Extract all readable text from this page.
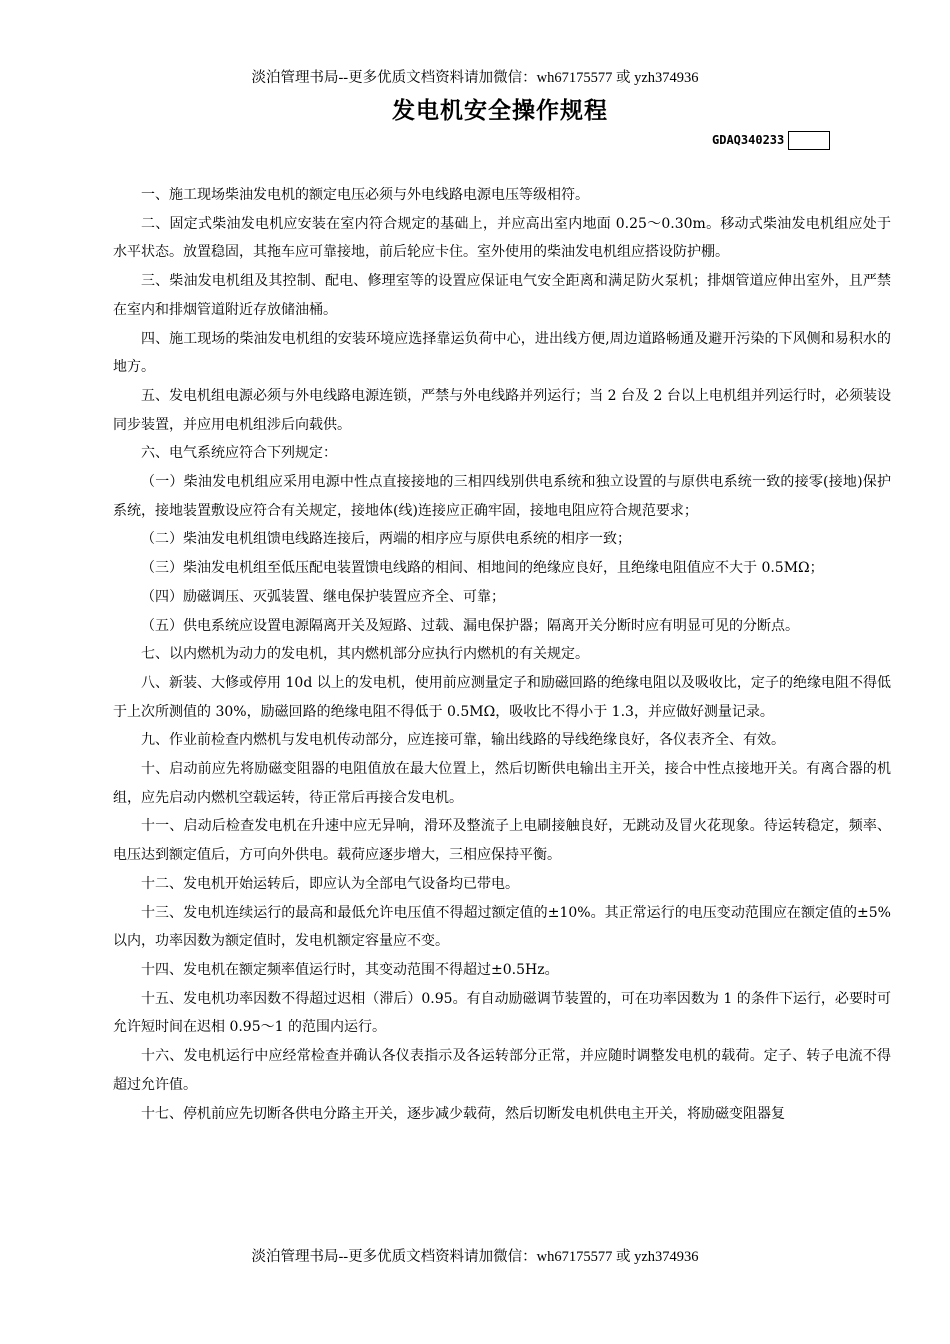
淡泊管理书局--更多优质文档资料请加微信：wh67175577 或 yzh374936
发电机安全操作规程
GDAQ340233

一、施工现场柴油发电机的额定电压必须与外电线路电源电压等级相符。

二、固定式柴油发电机应安装在室内符合规定的基础上，并应高出室内地面 0.25～0.30m。移动式柴油发电机组应处于水平状态。放置稳固，其拖车应可靠接地，前后轮应卡住。室外使用的柴油发电机组应搭设防护棚。

三、柴油发电机组及其控制、配电、修理室等的设置应保证电气安全距离和满足防火泵机；排烟管道应伸出室外，且严禁在室内和排烟管道附近存放储油桶。

四、施工现场的柴油发电机组的安装环境应选择靠运负荷中心，进出线方便,周边道路畅通及避开污染的下风侧和易积水的地方。

五、发电机组电源必须与外电线路电源连锁，严禁与外电线路并列运行；当 2 台及 2 台以上电机组并列运行时，必须装设同步装置，并应用电机组涉后向载供。

六、电气系统应符合下列规定：

（一）柴油发电机组应采用电源中性点直接接地的三相四线别供电系统和独立设置的与原供电系统一致的接零(接地)保护系统，接地装置敷设应符合有关规定，接地体(线)连接应正确牢固，接地电阻应符合规范要求；

（二）柴油发电机组馈电线路连接后，两端的相序应与原供电系统的相序一致；

（三）柴油发电机组至低压配电装置馈电线路的相间、相地间的绝缘应良好，且绝缘电阻值应不大于 0.5MΩ；

（四）励磁调压、灭弧装置、继电保护装置应齐全、可靠；

（五）供电系统应设置电源隔离开关及短路、过载、漏电保护器；隔离开关分断时应有明显可见的分断点。

七、以内燃机为动力的发电机，其内燃机部分应执行内燃机的有关规定。

八、新装、大修或停用 10d 以上的发电机，使用前应测量定子和励磁回路的绝缘电阻以及吸收比，定子的绝缘电阻不得低于上次所测值的 30%，励磁回路的绝缘电阻不得低于 0.5MΩ，吸收比不得小于 1.3，并应做好测量记录。

九、作业前检查内燃机与发电机传动部分，应连接可靠，输出线路的导线绝缘良好，各仪表齐全、有效。

十、启动前应先将励磁变阻器的电阻值放在最大位置上，然后切断供电输出主开关，接合中性点接地开关。有离合器的机组，应先启动内燃机空载运转，待正常后再接合发电机。

十一、启动后检查发电机在升速中应无异响，滑环及整流子上电刷接触良好，无跳动及冒火花现象。待运转稳定，频率、电压达到额定值后，方可向外供电。载荷应逐步增大，三相应保持平衡。

十二、发电机开始运转后，即应认为全部电气设备均已带电。

十三、发电机连续运行的最高和最低允许电压值不得超过额定值的±10%。其正常运行的电压变动范围应在额定值的±5%以内，功率因数为额定值时，发电机额定容量应不变。

十四、发电机在额定频率值运行时，其变动范围不得超过±0.5Hz。

十五、发电机功率因数不得超过迟相（滞后）0.95。有自动励磁调节装置的，可在功率因数为 1 的条件下运行，必要时可允许短时间在迟相 0.95～1 的范围内运行。

十六、发电机运行中应经常检查并确认各仪表指示及各运转部分正常，并应随时调整发电机的载荷。定子、转子电流不得超过允许值。

十七、停机前应先切断各供电分路主开关，逐步减少载荷，然后切断发电机供电主开关，将励磁变阻器复

淡泊管理书局--更多优质文档资料请加微信：wh67175577 或 yzh374936
